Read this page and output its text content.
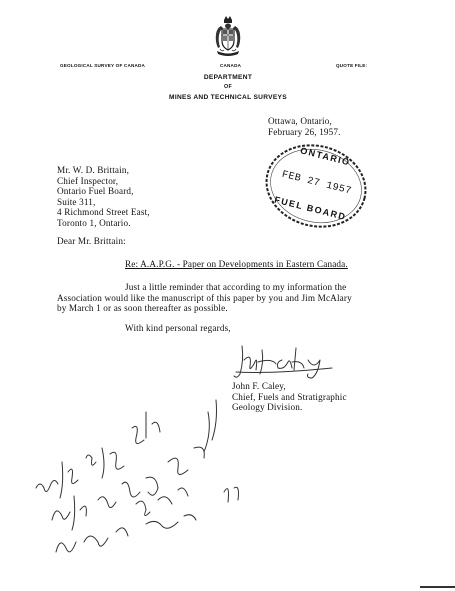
GEOLOGICAL SURVEY OF CANADA	CANADA	QUOTE FILE:
DEPARTMENT
OF
MINES AND TECHNICAL SURVEYS
Ottawa, Ontario,
February 26, 1957.
ONTARIO
FEB 27 1957
FUEL BOARD
Mr. W. D. Brittain,
Chief Inspector,
Ontario Fuel Board,
Suite 311,
4 Richmond Street East,
Toronto 1, Ontario.
Dear Mr. Brittain:
Re: A.A.P.G. - Paper on Developments in Eastern Canada.
Just a little reminder that according to my information the
Association would like the manuscript of this paper by you and Jim McAlary
by March 1 or as soon thereafter as possible.
With kind personal regards,
John F. Caley,
Chief, Fuels and Stratigraphic
Geology Division.
